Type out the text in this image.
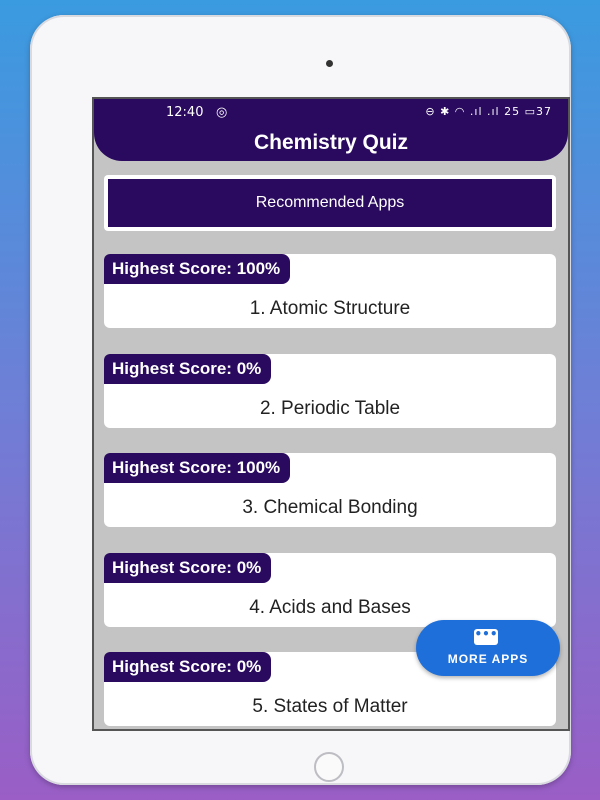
12:40 ◎	⊖ ✱ ◠ .ıl .ıl 25 ▭37
Chemistry Quiz
Recommended Apps
Highest Score: 100%
1. Atomic Structure
Highest Score: 0%
2. Periodic Table
Highest Score: 100%
3. Chemical Bonding
Highest Score: 0%
4. Acids and Bases
Highest Score: 0%
5. States of Matter
•••
MORE APPS
